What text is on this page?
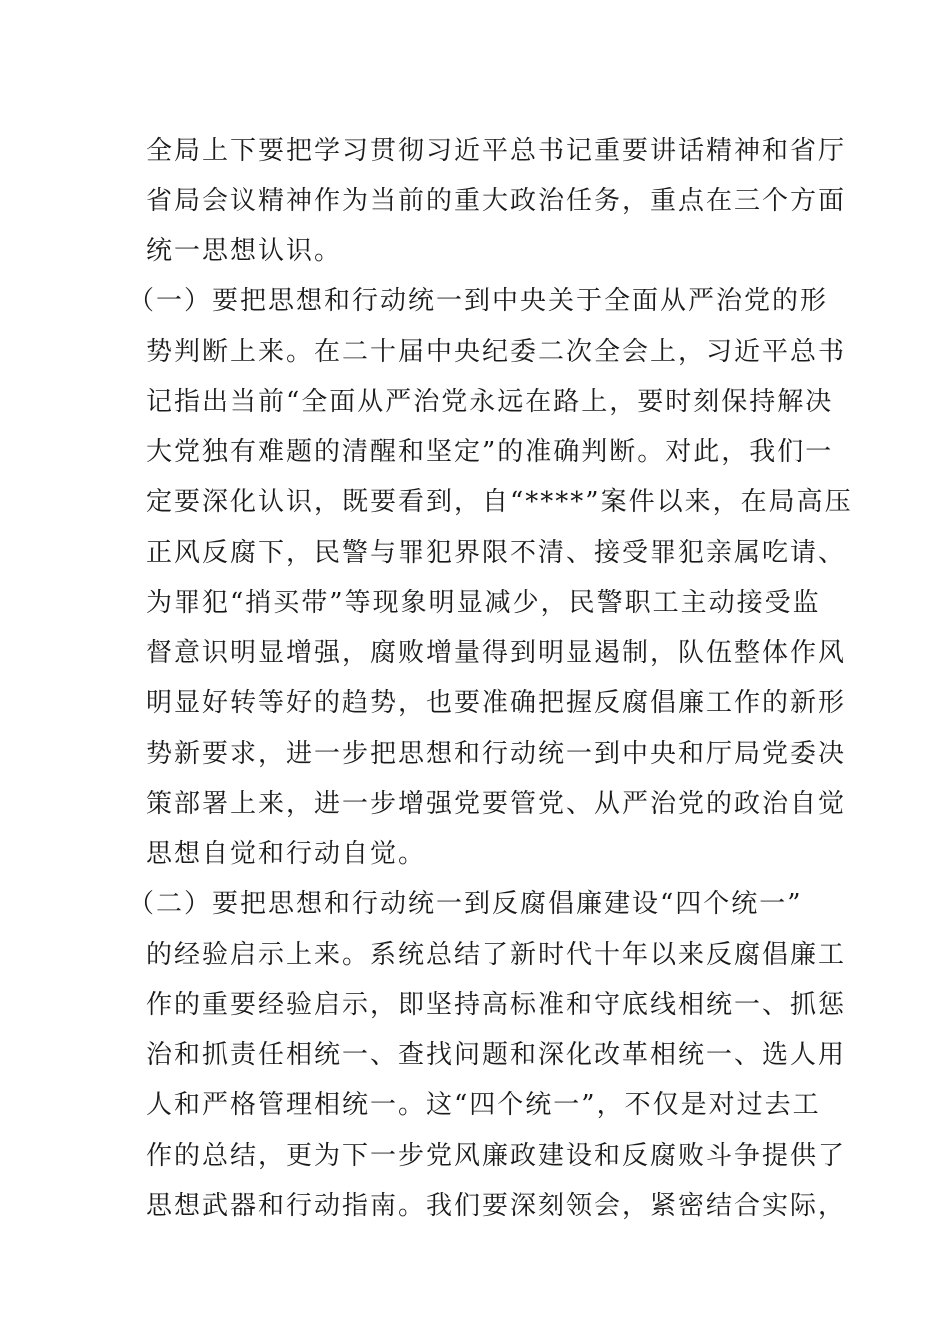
全局上下要把学习贯彻习近平总书记重要讲话精神和省厅
省局会议精神作为当前的重大政治任务，重点在三个方面
统一思想认识。
（一）要把思想和行动统一到中央关于全面从严治党的形
势判断上来。在二十届中央纪委二次全会上，习近平总书
记指出当前“全面从严治党永远在路上，要时刻保持解决
大党独有难题的清醒和坚定”的准确判断。对此，我们一
定要深化认识，既要看到，自“****”案件以来，在局高压
正风反腐下，民警与罪犯界限不清、接受罪犯亲属吃请、
为罪犯“捎买带”等现象明显减少，民警职工主动接受监
督意识明显增强，腐败增量得到明显遏制，队伍整体作风
明显好转等好的趋势，也要准确把握反腐倡廉工作的新形
势新要求，进一步把思想和行动统一到中央和厅局党委决
策部署上来，进一步增强党要管党、从严治党的政治自觉
思想自觉和行动自觉。
（二）要把思想和行动统一到反腐倡廉建设“四个统一”
的经验启示上来。系统总结了新时代十年以来反腐倡廉工
作的重要经验启示，即坚持高标准和守底线相统一、抓惩
治和抓责任相统一、查找问题和深化改革相统一、选人用
人和严格管理相统一。这“四个统一”，不仅是对过去工
作的总结，更为下一步党风廉政建设和反腐败斗争提供了
思想武器和行动指南。我们要深刻领会，紧密结合实际，
